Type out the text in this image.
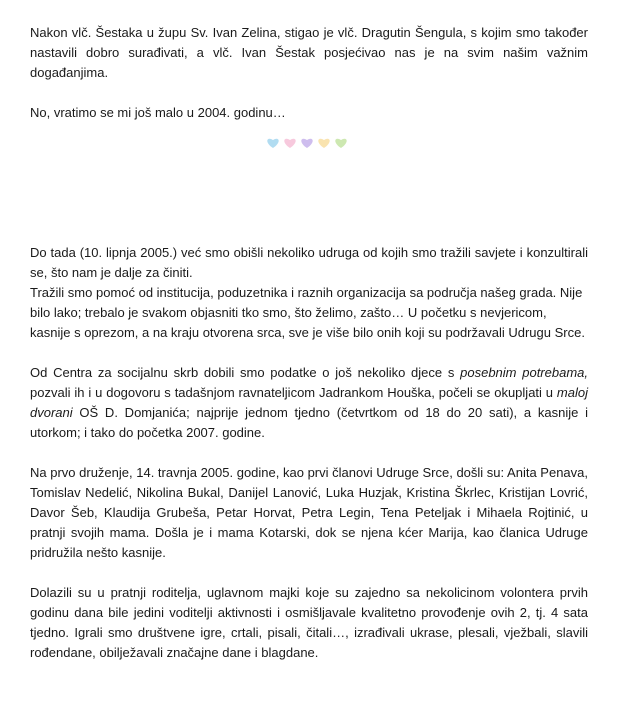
Nakon vlč. Šestaka u župu Sv. Ivan Zelina, stigao je vlč. Dragutin Šengula, s kojim smo također nastavili dobro surađivati, a vlč. Ivan Šestak posjećivao nas je na svim našim važnim događanjima.

No, vratimo se mi još malo u 2004. godinu…

Do tada (10. lipnja 2005.) već smo obišli nekoliko udruga od kojih smo tražili savjete i konzultirali se, što nam je dalje za činiti.

Tražili smo pomoć od institucija, poduzetnika i raznih organizacija sa područja našeg grada. Nije bilo lako; trebalo je svakom objasniti tko smo, što želimo, zašto… U početku s nevjericom, kasnije s oprezom, a na kraju otvorena srca, sve je više bilo onih koji su podržavali Udrugu Srce.

Od Centra za socijalnu skrb dobili smo podatke o još nekoliko djece s posebnim potrebama, pozvali ih i u dogovoru s tadašnjom ravnateljicom Jadrankom Houška, počeli se okupljati u maloj dvorani OŠ D. Domjanića; najprije jednom tjedno (četvrtkom od 18 do 20 sati), a kasnije i utorkom; i tako do početka 2007. godine.

Na prvo druženje, 14. travnja 2005. godine, kao prvi članovi Udruge Srce, došli su: Anita Penava, Tomislav Nedelić, Nikolina Bukal, Danijel Lanović, Luka Huzjak, Kristina Škrlec, Kristijan Lovrić, Davor Šeb, Klaudija Grubeša, Petar Horvat, Petra Legin, Tena Peteljak i Mihaela Rojtinić, u pratnji svojih mama. Došla je i mama Kotarski, dok se njena kćer Marija, kao članica Udruge pridružila nešto kasnije.

Dolazili su u pratnji roditelja, uglavnom majki koje su zajedno sa nekolicinom volontera prvih godinu dana bile jedini voditelji aktivnosti i osmišljavale kvalitetno provođenje ovih 2, tj. 4 sata tjedno. Igrali smo društvene igre, crtali, pisali, čitali…, izrađivali ukrase, plesali, vježbali, slavili rođendane, obilježavali značajne dane i blagdane.
